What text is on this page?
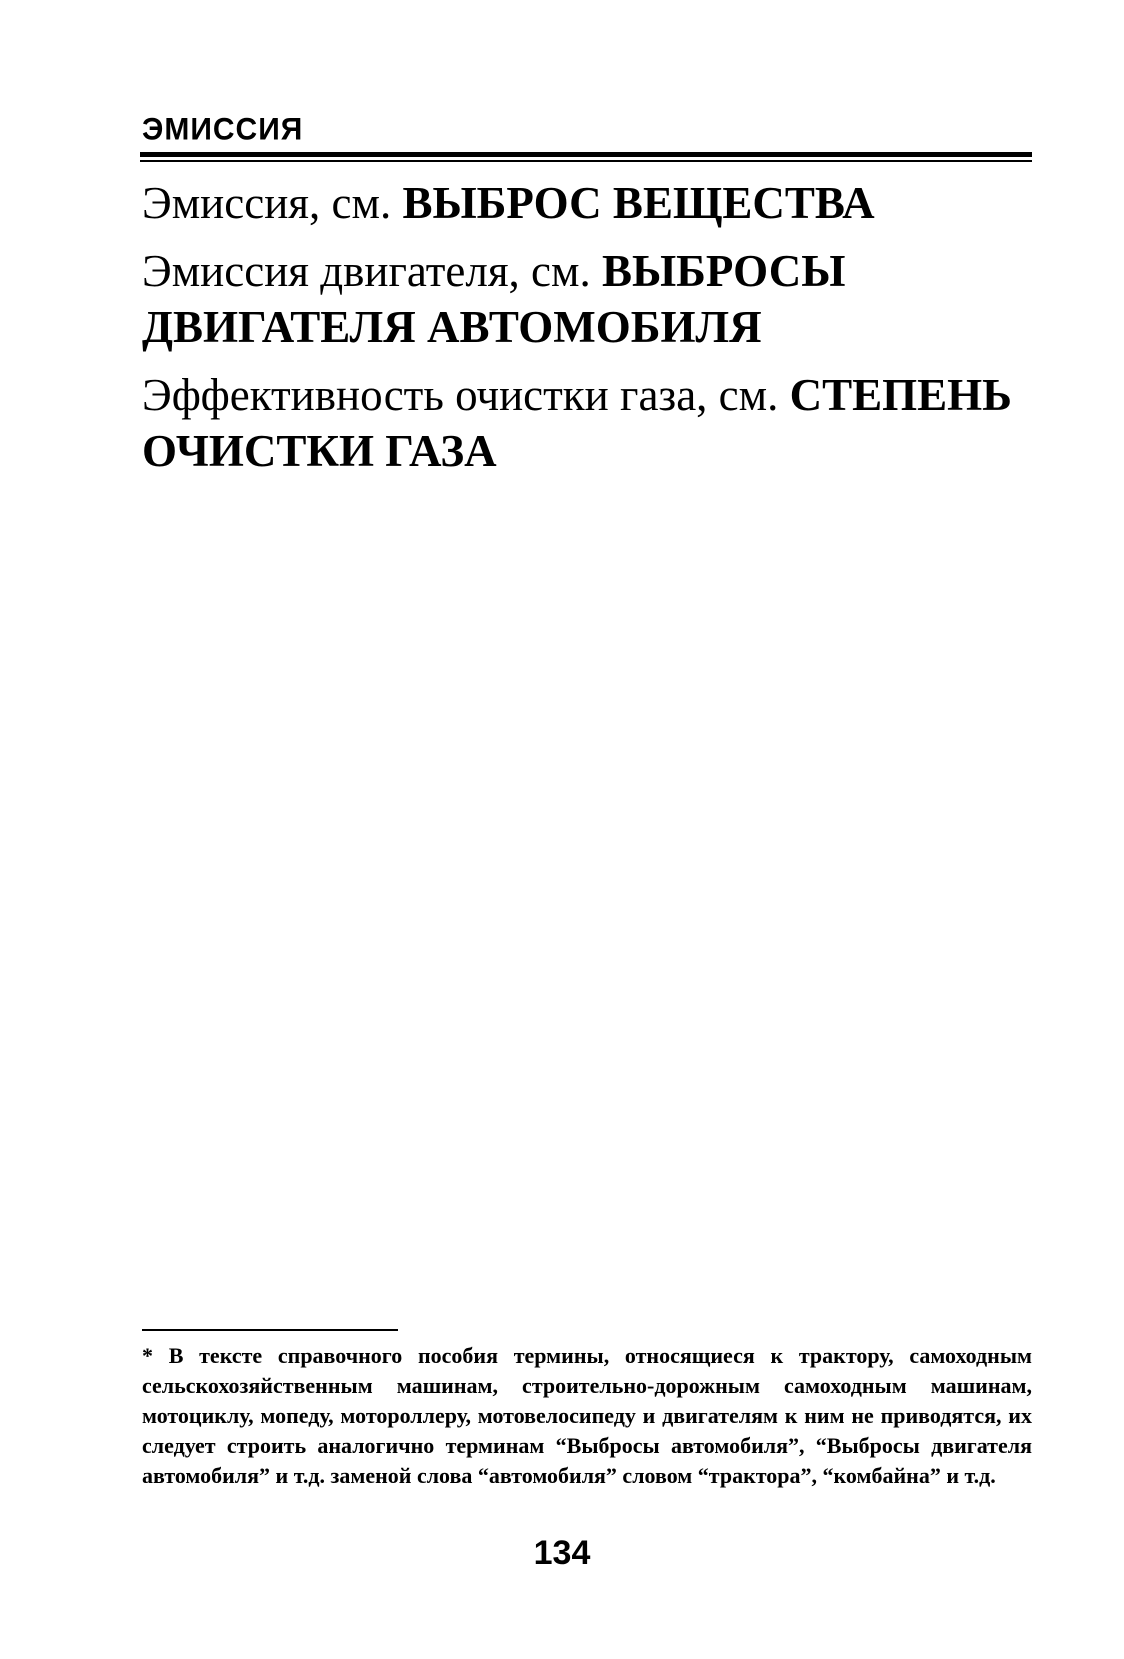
ЭМИССИЯ

Эмиссия, см. ВЫБРОС ВЕЩЕСТВА

Эмиссия двигателя, см. ВЫБРОСЫ ДВИГАТЕЛЯ АВТОМОБИЛЯ

Эффективность очистки газа, см. СТЕПЕНЬ ОЧИСТКИ ГАЗА

* В тексте справочного пособия термины, относящиеся к трактору, самоходным сельскохозяйственным машинам, строительно-дорожным самоходным машинам, мотоциклу, мопеду, мотороллеру, мотовелосипеду и двигателям к ним не приводятся, их следует строить аналогично терминам “Выбросы автомобиля”, “Выбросы двигателя автомобиля” и т.д. заменой слова “автомобиля” словом “трактора”, “комбайна” и т.д.
134
